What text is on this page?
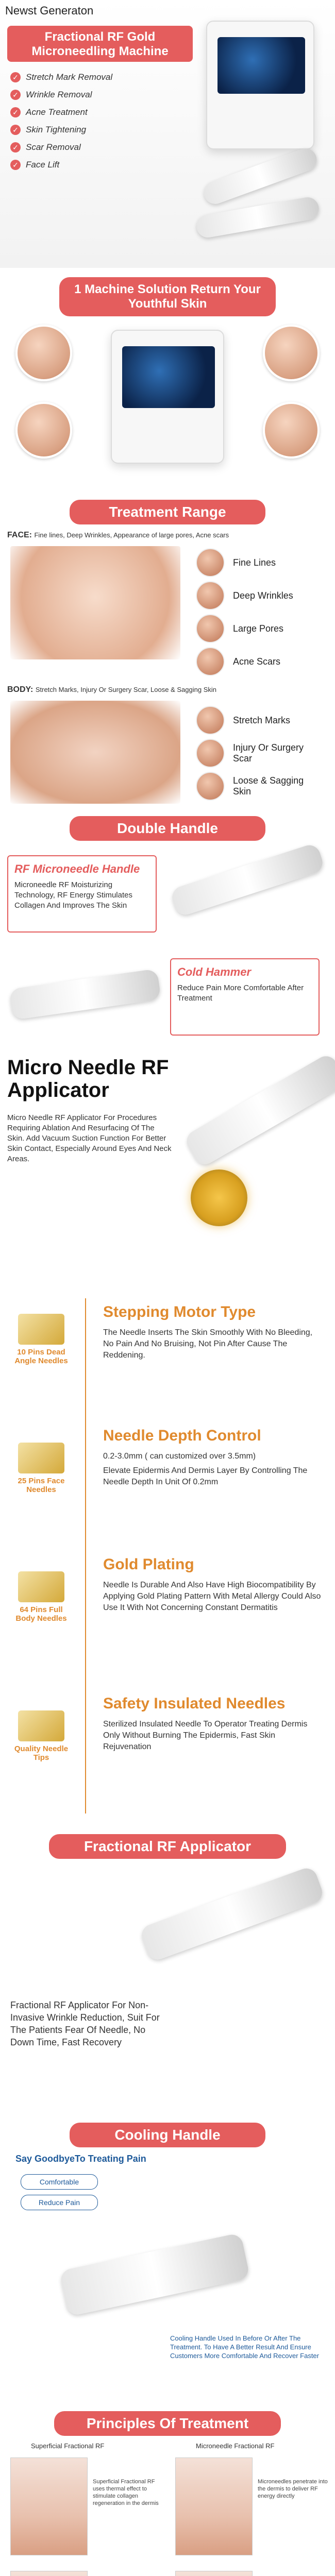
Newst Generaton
Fractional RF Gold Microneedling Machine
✓ Stretch Mark Removal
✓ Wrinkle Removal
✓ Acne Treatment
✓ Skin Tightening
✓ Scar Removal
✓ Face Lift
1 Machine Solution Return Your Youthful Skin
Treatment Range
FACE: Fine lines, Deep Wrinkles, Appearance of large pores, Acne scars
Fine Lines
Deep Wrinkles
Large Pores
Acne Scars
BODY: Stretch Marks, Injury Or Surgery Scar, Loose & Sagging Skin
Stretch Marks
Injury Or Surgery Scar
Loose & Sagging Skin
Double Handle
RF Microneedle Handle
Microneedle RF Moisturizing Technology, RF Energy Stimulates Collagen And Improves The Skin
Cold Hammer
Reduce Pain More Comfortable After Treatment
Micro Needle RF Applicator
Micro Needle RF Applicator For Procedures Requiring Ablation And Resurfacing Of The Skin. Add Vacuum Suction Function For Better Skin Contact, Especially Around Eyes And Neck Areas.
10 Pins Dead Angle Needles
Stepping Motor Type
The Needle Inserts The Skin Smoothly With No Bleeding, No Pain And No Bruising, Not Pin After Cause The Reddening.
25 Pins Face Needles
Needle Depth Control
0.2-3.0mm ( can customized over 3.5mm)
Elevate Epidermis And Dermis Layer By Controlling The Needle Depth In Unit Of 0.2mm
64 Pins Full Body Needles
Gold Plating
Needle Is Durable And Also Have High Biocompatibility By Applying Gold Plating Pattern With Metal Allergy Could Also Use It With Not Concerning Constant Dermatitis
Quality Needle Tips
Safety Insulated Needles
Sterilized Insulated Needle To Operator Treating Dermis Only Without Burning The Epidermis, Fast Skin Rejuvenation
Fractional RF Applicator
Fractional RF Applicator For Non-Invasive Wrinkle Reduction, Suit For The Patients Fear Of Needle, No Down Time, Fast Recovery
Cooling Handle
Say GoodbyeTo Treating Pain
Comfortable
Reduce Pain
Cooling Handle Used In Before Or After The Treatment. To Have A Better Result And Ensure Customers More Comfortable And Recover Faster
Principles Of Treatment
Superficial Fractional RF	Microneedle Fractional RF
Superficial Fractional RF uses thermal effect to stimulate collagen regeneration in the dermis
Microneedles penetrate into the dermis to deliver RF energy directly
